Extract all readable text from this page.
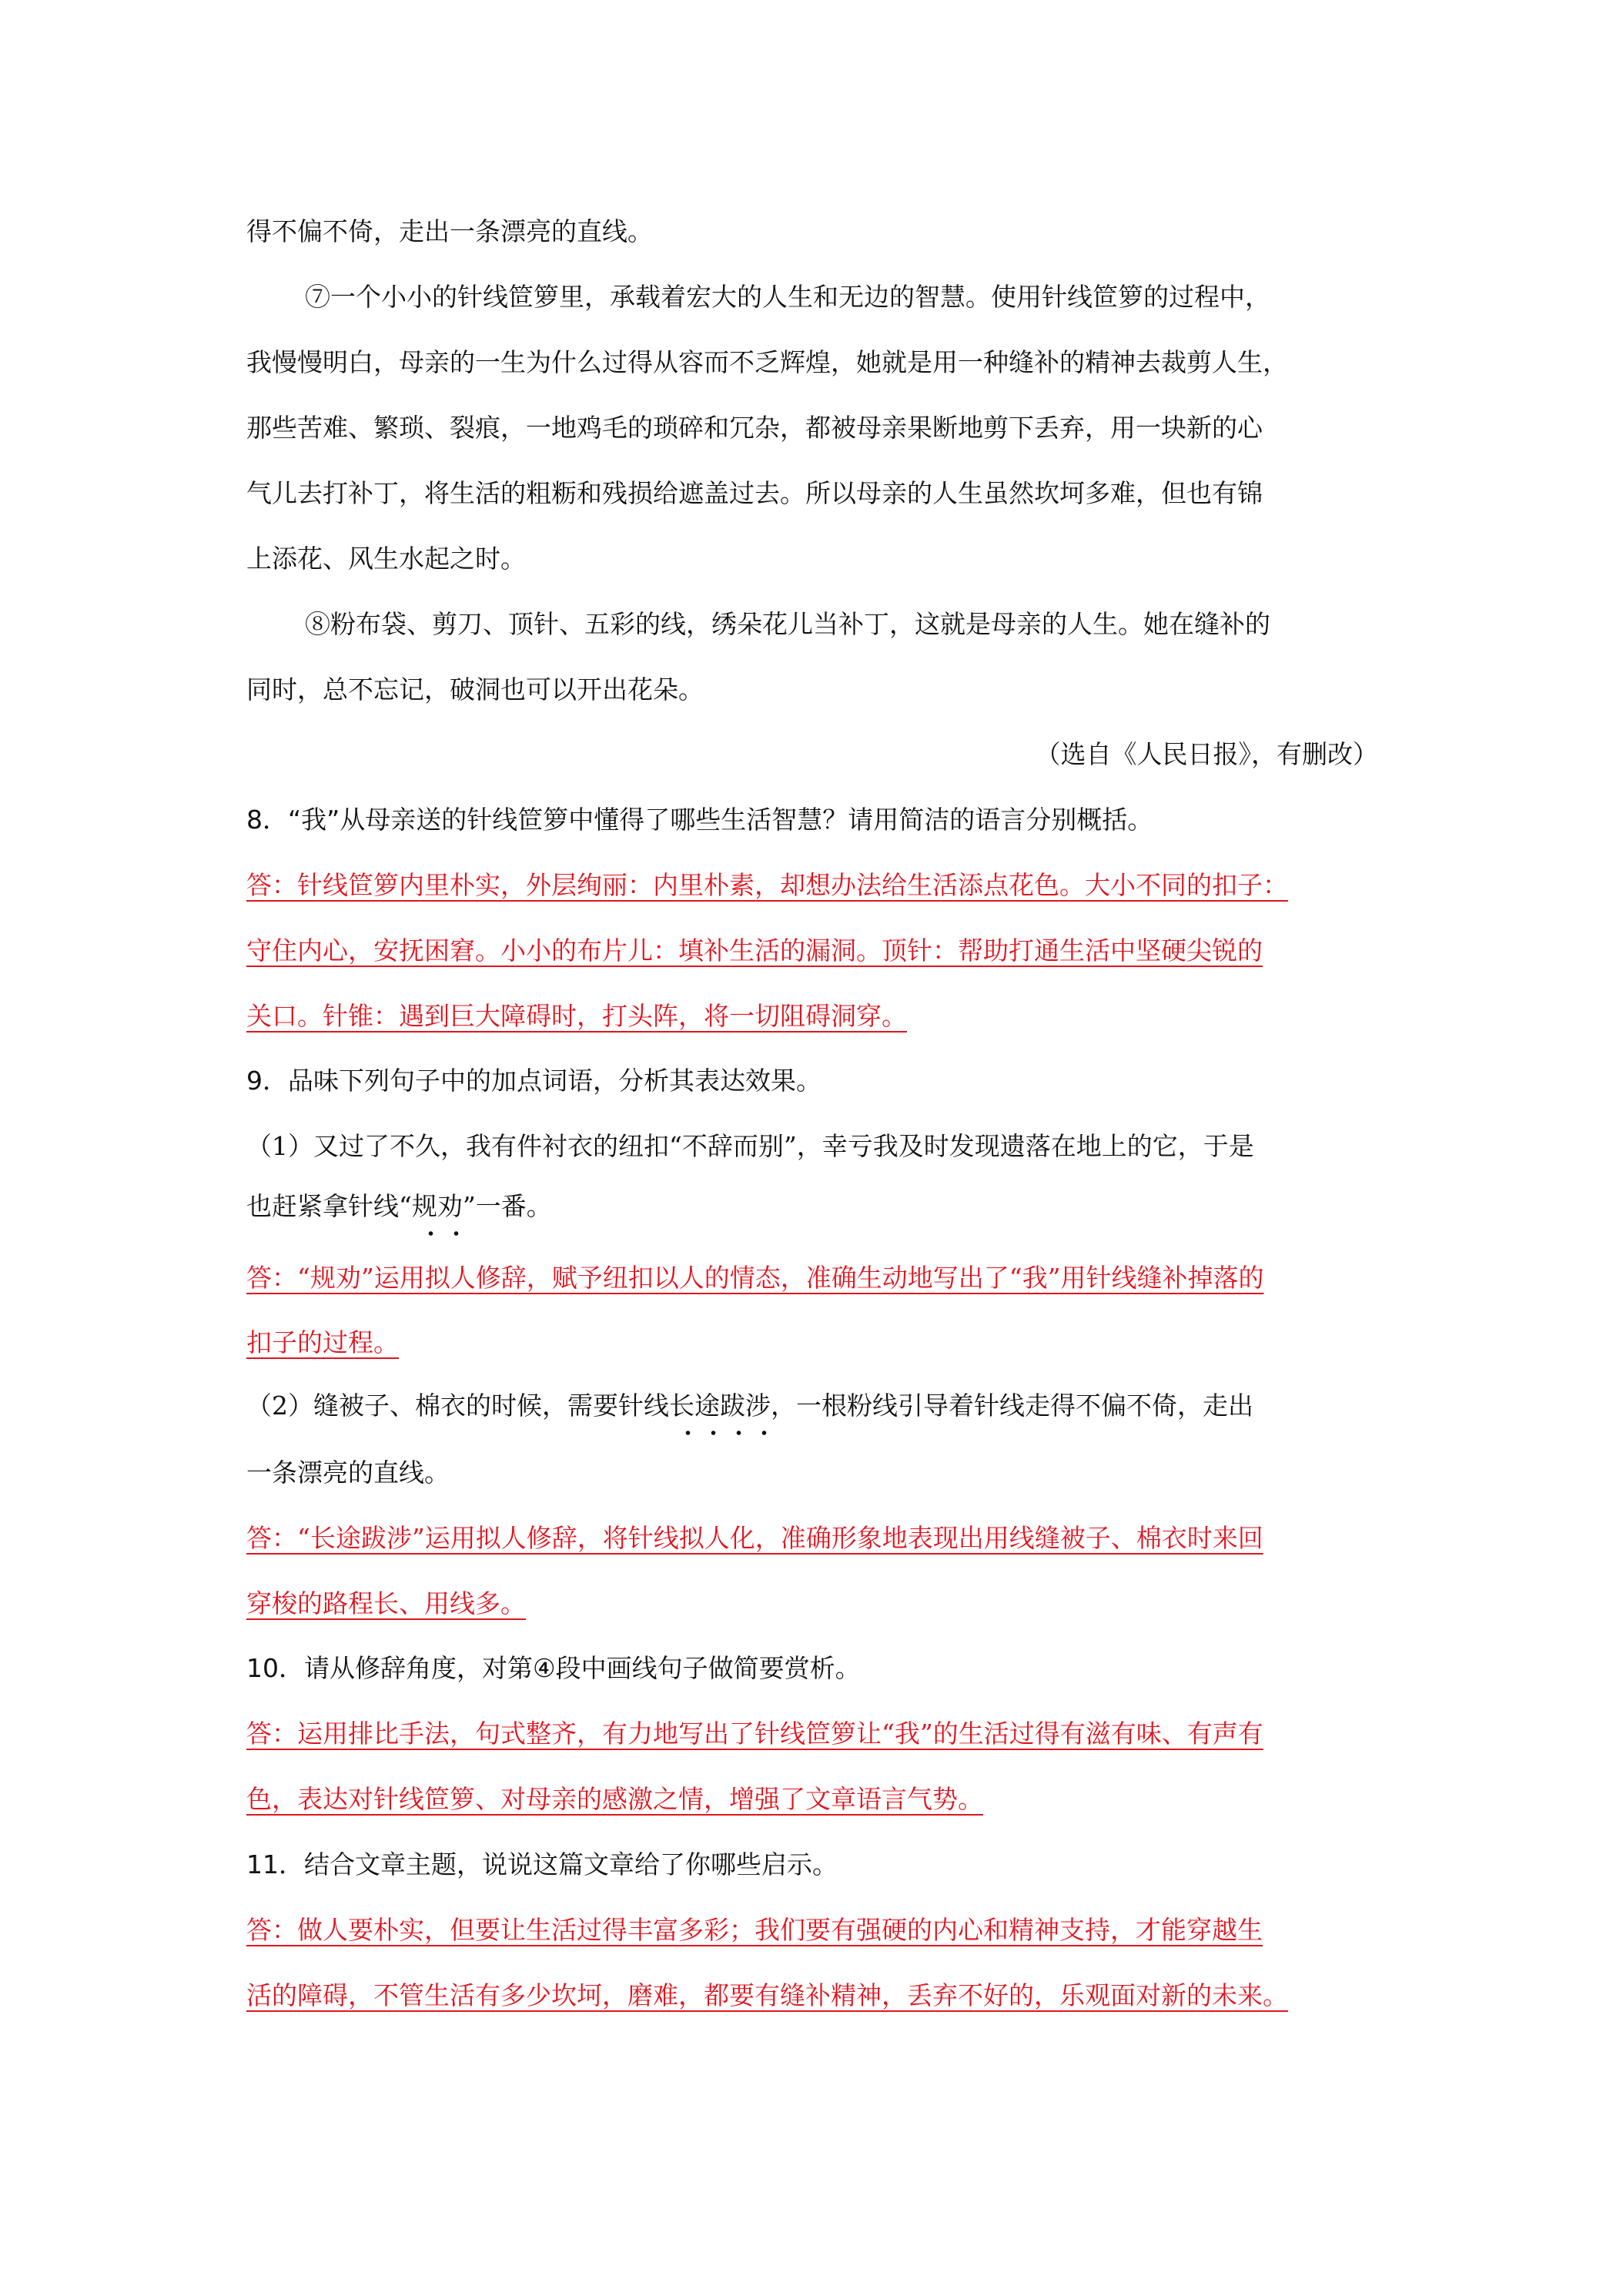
得不偏不倚，走出一条漂亮的直线。
⑦一个小小的针线笸箩里，承载着宏大的人生和无边的智慧。使用针线笸箩的过程中，
我慢慢明白，母亲的一生为什么过得从容而不乏辉煌，她就是用一种缝补的精神去裁剪人生，
那些苦难、繁琐、裂痕，一地鸡毛的琐碎和冗杂，都被母亲果断地剪下丢弃，用一块新的心
气儿去打补丁，将生活的粗粝和残损给遮盖过去。所以母亲的人生虽然坎坷多难，但也有锦
上添花、风生水起之时。
⑧粉布袋、剪刀、顶针、五彩的线，绣朵花儿当补丁，这就是母亲的人生。她在缝补的
同时，总不忘记，破洞也可以开出花朵。
（选自《人民日报》，有删改）
8．“我”从母亲送的针线笸箩中懂得了哪些生活智慧？请用简洁的语言分别概括。
答：针线笸箩内里朴实，外层绚丽：内里朴素，却想办法给生活添点花色。大小不同的扣子：
守住内心，安抚困窘。小小的布片儿：填补生活的漏洞。顶针：帮助打通生活中坚硬尖锐的
关口。针锥：遇到巨大障碍时，打头阵，将一切阻碍洞穿。
9．品味下列句子中的加点词语，分析其表达效果。
（1）又过了不久，我有件衬衣的纽扣“不辞而别”，幸亏我及时发现遗落在地上的它，于是
也赶紧拿针线“规劝”一番。
答：“规劝”运用拟人修辞，赋予纽扣以人的情态，准确生动地写出了“我”用针线缝补掉落的
扣子的过程。
（2）缝被子、棉衣的时候，需要针线长途跋涉，一根粉线引导着针线走得不偏不倚，走出
一条漂亮的直线。
答：“长途跋涉”运用拟人修辞，将针线拟人化，准确形象地表现出用线缝被子、棉衣时来回
穿梭的路程长、用线多。
10．请从修辞角度，对第④段中画线句子做简要赏析。
答：运用排比手法，句式整齐，有力地写出了针线笸箩让“我”的生活过得有滋有味、有声有
色，表达对针线笸箩、对母亲的感激之情，增强了文章语言气势。
11．结合文章主题，说说这篇文章给了你哪些启示。
答：做人要朴实，但要让生活过得丰富多彩；我们要有强硬的内心和精神支持，才能穿越生
活的障碍，不管生活有多少坎坷，磨难，都要有缝补精神，丢弃不好的，乐观面对新的未来。
